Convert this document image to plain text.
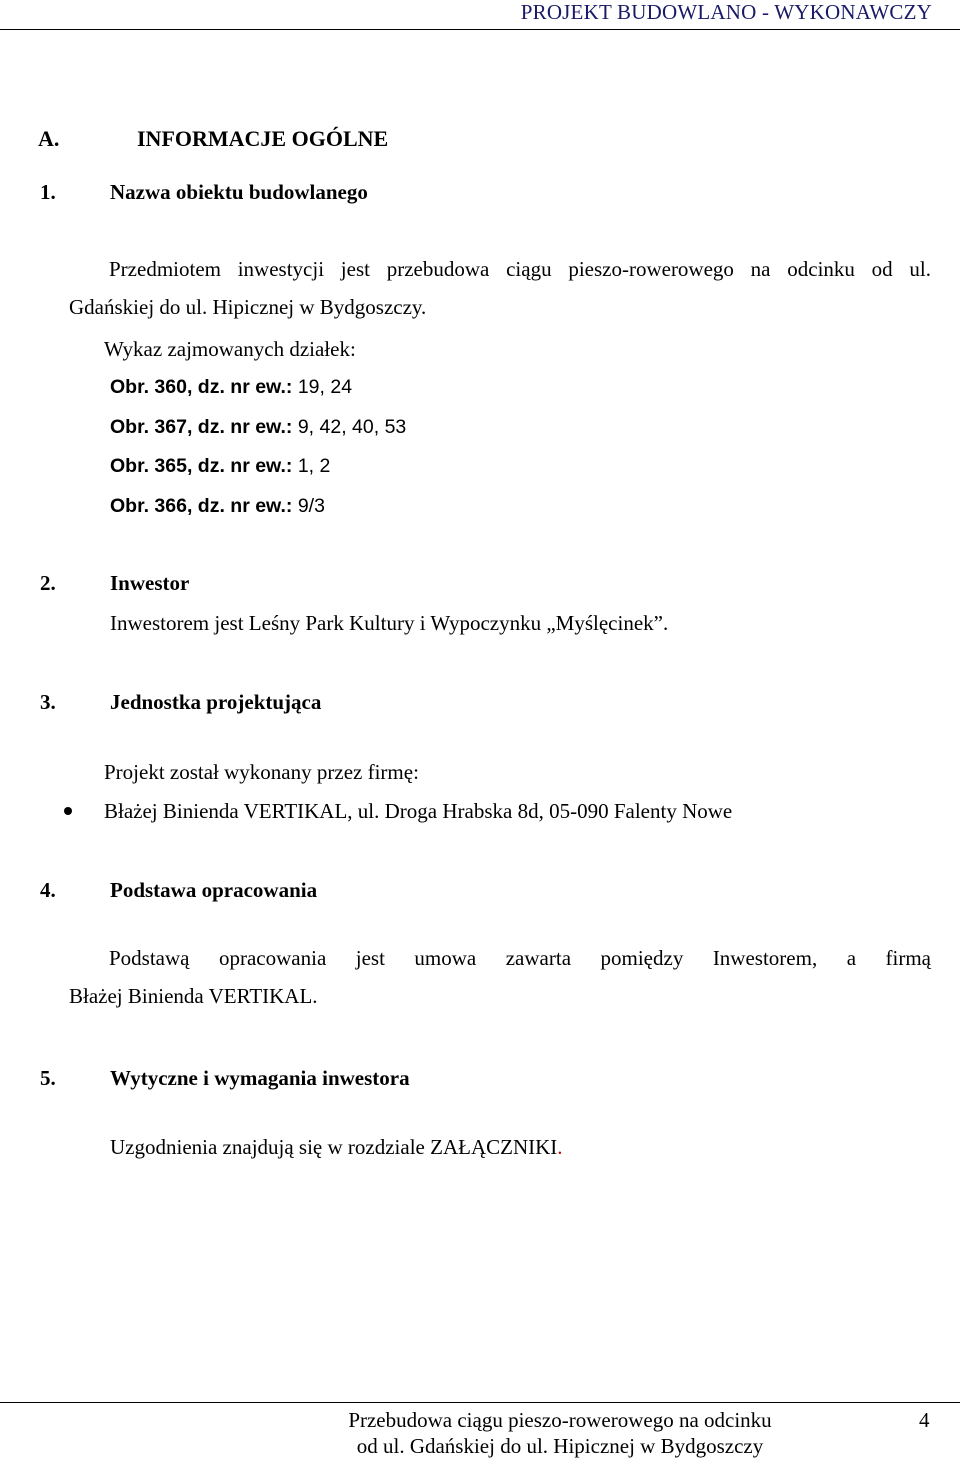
PROJEKT BUDOWLANO - WYKONAWCZY
A.	INFORMACJE OGÓLNE
1.	Nazwa obiektu budowlanego
Przedmiotem inwestycji jest przebudowa ciągu pieszo-rowerowego na odcinku od ul.
Gdańskiej do ul. Hipicznej w Bydgoszczy.
Wykaz zajmowanych działek:
Obr. 360, dz. nr ew.: 19, 24
Obr. 367, dz. nr ew.: 9, 42, 40, 53
Obr. 365, dz. nr ew.: 1, 2
Obr. 366, dz. nr ew.: 9/3
2.	Inwestor
Inwestorem jest Leśny Park Kultury i Wypoczynku „Myślęcinek”.
3.	Jednostka projektująca
Projekt został wykonany przez firmę:
Błażej Binienda VERTIKAL, ul. Droga Hrabska 8d, 05-090 Falenty Nowe
4.	Podstawa opracowania
Podstawą opracowania jest umowa zawarta pomiędzy Inwestorem, a firmą
Błażej Binienda VERTIKAL.
5.	Wytyczne i wymagania inwestora
Uzgodnienia znajdują się w rozdziale ZAŁĄCZNIKI.
Przebudowa ciągu pieszo-rowerowego na odcinku
od ul. Gdańskiej do ul. Hipicznej w Bydgoszczy
4
